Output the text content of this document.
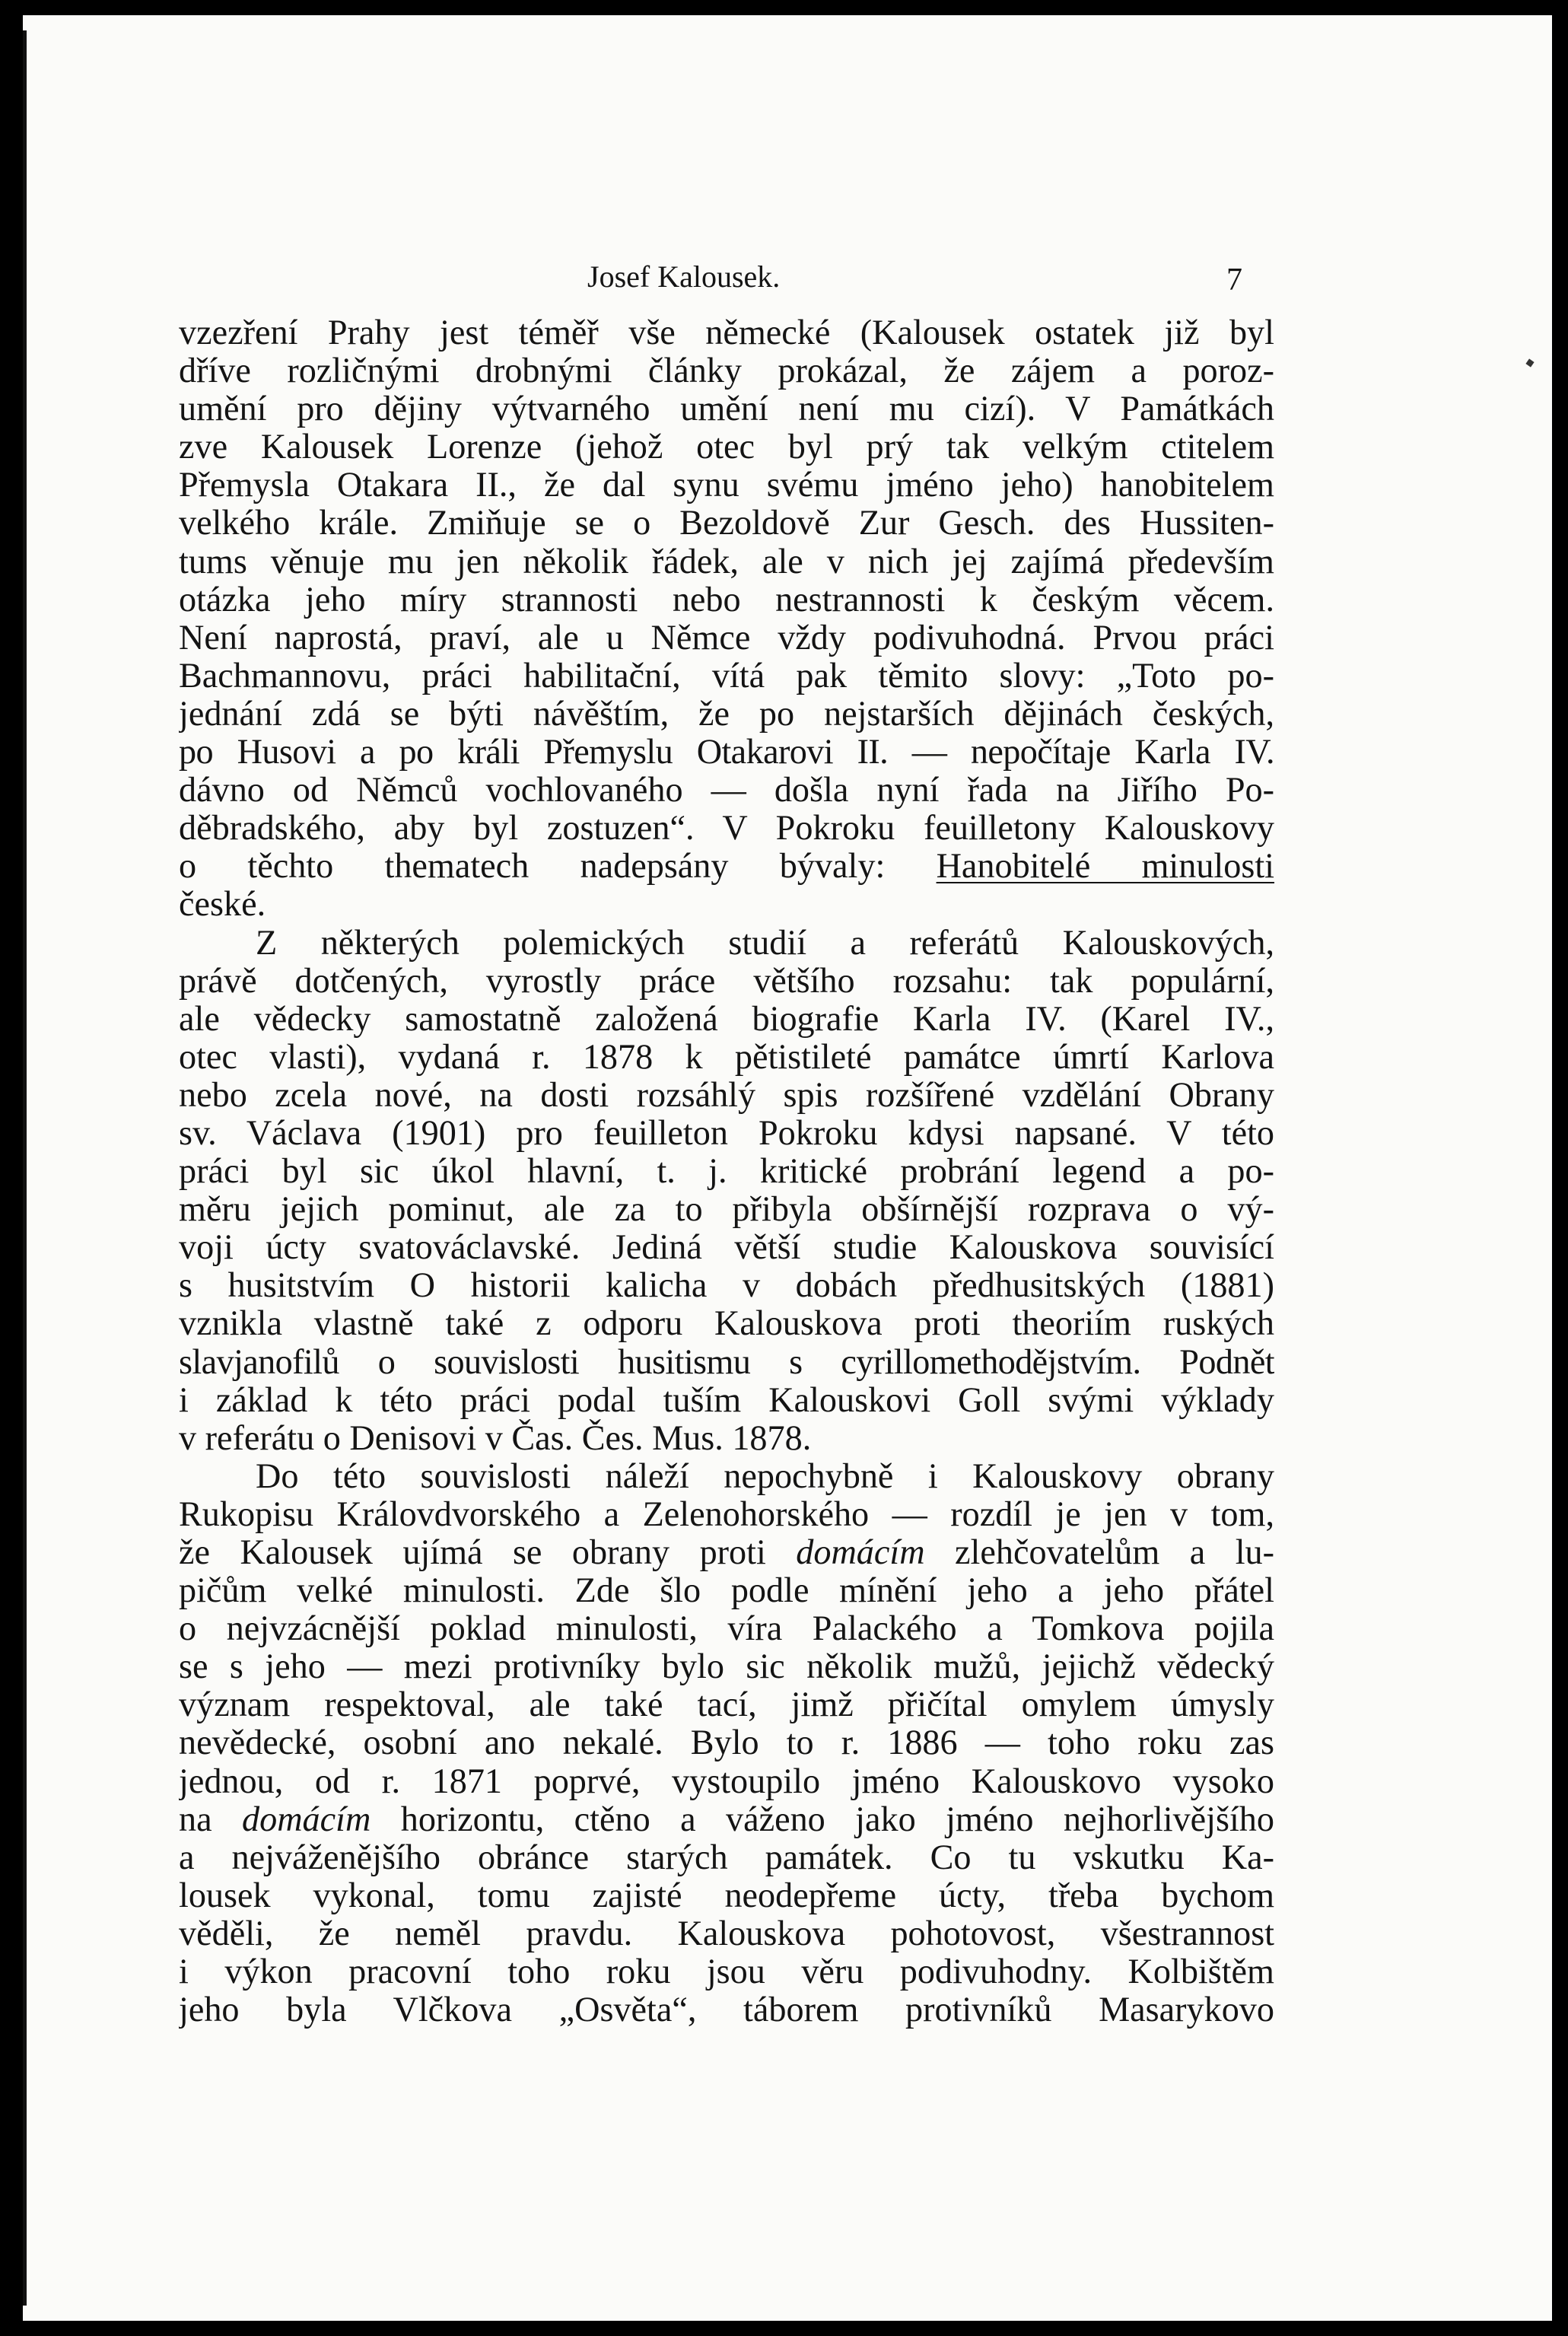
Josef Kalousek.	7
vzezření Prahy jest téměř vše německé (Kalousek ostatek již byl
dříve rozličnými drobnými články prokázal, že zájem a poroz-
umění pro dějiny výtvarného umění není mu cizí). V Památkách
zve Kalousek Lorenze (jehož otec byl prý tak velkým ctitelem
Přemysla Otakara II., že dal synu svému jméno jeho) hanobitelem
velkého krále. Zmiňuje se o Bezoldově Zur Gesch. des Hussiten-
tums věnuje mu jen několik řádek, ale v nich jej zajímá především
otázka jeho míry strannosti nebo nestrannosti k českým věcem.
Není naprostá, praví, ale u Němce vždy podivuhodná. Prvou práci
Bachmannovu, práci habilitační, vítá pak těmito slovy: „Toto po-
jednání zdá se býti návěštím, že po nejstarších dějinách českých,
po Husovi a po králi Přemyslu Otakarovi II. — nepočítaje Karla IV.
dávno od Němců vochlovaného — došla nyní řada na Jiřího Po-
děbradského, aby byl zostuzen“. V Pokroku feuilletony Kalouskovy
o těchto thematech nadepsány bývaly: Hanobitelé minulosti
české.
Z některých polemických studií a referátů Kalouskových,
právě dotčených, vyrostly práce většího rozsahu: tak populární,
ale vědecky samostatně založená biografie Karla IV. (Karel IV.,
otec vlasti), vydaná r. 1878 k pětistileté památce úmrtí Karlova
nebo zcela nové, na dosti rozsáhlý spis rozšířené vzdělání Obrany
sv. Václava (1901) pro feuilleton Pokroku kdysi napsané. V této
práci byl sic úkol hlavní, t. j. kritické probrání legend a po-
měru jejich pominut, ale za to přibyla obšírnější rozprava o vý-
voji úcty svatováclavské. Jediná větší studie Kalouskova souvisící
s husitstvím O historii kalicha v dobách předhusitských (1881)
vznikla vlastně také z odporu Kalouskova proti theoriím ruských
slavjanofilů o souvislosti husitismu s cyrillomethodějstvím. Podnět
i základ k této práci podal tuším Kalouskovi Goll svými výklady
v referátu o Denisovi v Čas. Čes. Mus. 1878.
Do této souvislosti náleží nepochybně i Kalouskovy obrany
Rukopisu Královdvorského a Zelenohorského — rozdíl je jen v tom,
že Kalousek ujímá se obrany proti domácím zlehčovatelům a lu-
pičům velké minulosti. Zde šlo podle mínění jeho a jeho přátel
o nejvzácnější poklad minulosti, víra Palackého a Tomkova pojila
se s jeho — mezi protivníky bylo sic několik mužů, jejichž vědecký
význam respektoval, ale také tací, jimž přičítal omylem úmysly
nevědecké, osobní ano nekalé. Bylo to r. 1886 — toho roku zas
jednou, od r. 1871 poprvé, vystoupilo jméno Kalouskovo vysoko
na domácím horizontu, ctěno a váženo jako jméno nejhorlivějšího
a nejváženějšího obránce starých památek. Co tu vskutku Ka-
lousek vykonal, tomu zajisté neodepřeme úcty, třeba bychom
věděli, že neměl pravdu. Kalouskova pohotovost, všestrannost
i výkon pracovní toho roku jsou věru podivuhodny. Kolbištěm
jeho byla Vlčkova „Osvěta“, táborem protivníků Masarykovo
